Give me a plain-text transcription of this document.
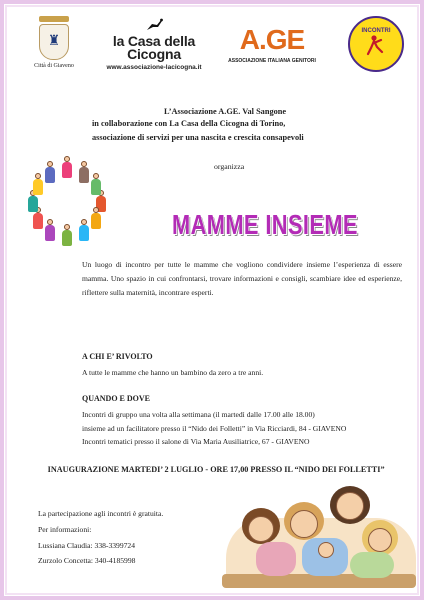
♜
Città di Giaveno
la Casa della Cicogna
www.associazione-lacicogna.it
A.GE
ASSOCIAZIONE ITALIANA GENITORI
INCONTRI
L’Associazione A.GE. Val Sangone
in collaborazione con La Casa della Cicogna di Torino,
associazione di servizi per una nascita e crescita consapevoli
organizza
MAMME INSIEME
Un luogo di incontro per tutte le mamme che vogliono condividere insieme l’esperienza di essere mamma. Uno spazio in cui confrontarsi, trovare informazioni e consigli, scambiare idee ed esperienze, riflettere sulla maternità, incontrare esperti.
A CHI E’ RIVOLTO
A tutte le mamme che hanno un bambino da zero a tre anni.
QUANDO E DOVE
Incontri di gruppo una volta alla settimana (il martedì dalle 17.00 alle 18.00)
insieme ad un facilitatore presso il “Nido dei Folletti” in Via Ricciardi, 84 - GIAVENO
Incontri tematici presso il salone di Via Maria Ausiliatrice, 67 - GIAVENO
INAUGURAZIONE MARTEDI’ 2 LUGLIO - ORE 17,00 PRESSO IL “NIDO DEI FOLLETTI”
La partecipazione agli incontri è gratuita.
Per informazioni:
Lussiana Claudia: 338-3399724
Zurzolo Concetta: 340-4185998
